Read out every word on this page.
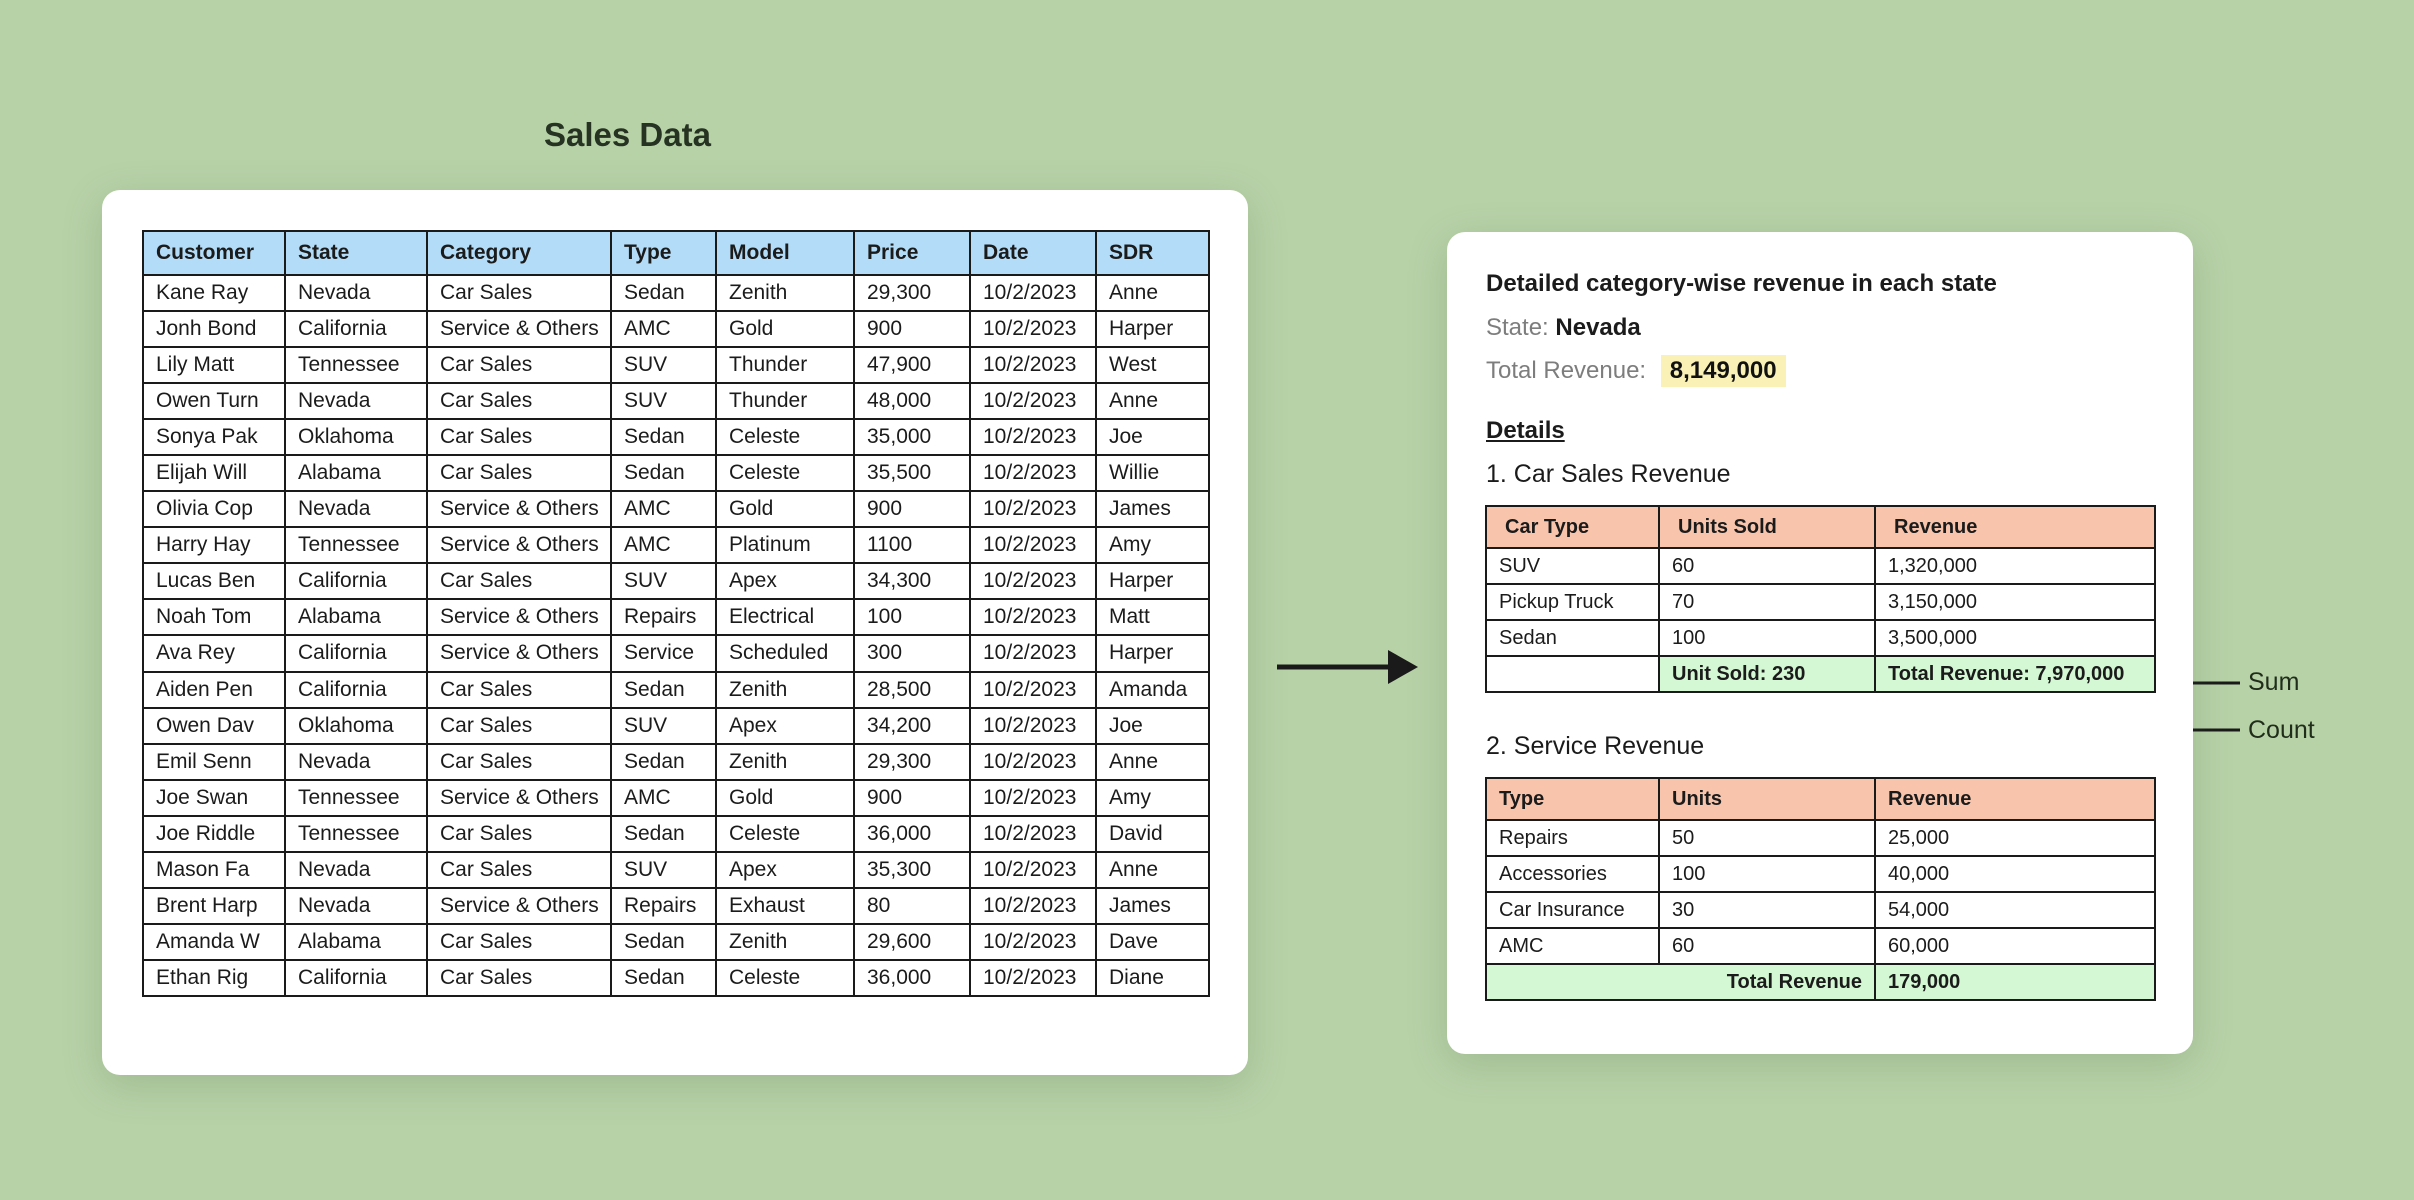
Sales Data
Customer	State	Category	Type	Model	Price	Date	SDR
Kane Ray	Nevada	Car Sales	Sedan	Zenith	29,300	10/2/2023	Anne
Jonh Bond	California	Service & Others	AMC	Gold	900	10/2/2023	Harper
Lily Matt	Tennessee	Car Sales	SUV	Thunder	47,900	10/2/2023	West
Owen Turn	Nevada	Car Sales	SUV	Thunder	48,000	10/2/2023	Anne
Sonya Pak	Oklahoma	Car Sales	Sedan	Celeste	35,000	10/2/2023	Joe
Elijah Will	Alabama	Car Sales	Sedan	Celeste	35,500	10/2/2023	Willie
Olivia Cop	Nevada	Service & Others	AMC	Gold	900	10/2/2023	James
Harry Hay	Tennessee	Service & Others	AMC	Platinum	1100	10/2/2023	Amy
Lucas Ben	California	Car Sales	SUV	Apex	34,300	10/2/2023	Harper
Noah Tom	Alabama	Service & Others	Repairs	Electrical	100	10/2/2023	Matt
Ava Rey	California	Service & Others	Service	Scheduled	300	10/2/2023	Harper
Aiden Pen	California	Car Sales	Sedan	Zenith	28,500	10/2/2023	Amanda
Owen Dav	Oklahoma	Car Sales	SUV	Apex	34,200	10/2/2023	Joe
Emil Senn	Nevada	Car Sales	Sedan	Zenith	29,300	10/2/2023	Anne
Joe Swan	Tennessee	Service & Others	AMC	Gold	900	10/2/2023	Amy
Joe Riddle	Tennessee	Car Sales	Sedan	Celeste	36,000	10/2/2023	David
Mason Fa	Nevada	Car Sales	SUV	Apex	35,300	10/2/2023	Anne
Brent Harp	Nevada	Service & Others	Repairs	Exhaust	80	10/2/2023	James
Amanda W	Alabama	Car Sales	Sedan	Zenith	29,600	10/2/2023	Dave
Ethan Rig	California	Car Sales	Sedan	Celeste	36,000	10/2/2023	Diane
Sum
Count
Detailed category-wise revenue in each state
State: Nevada
Total Revenue: 8,149,000
Details
1. Car Sales Revenue
Car Type	Units Sold	Revenue
SUV	60	1,320,000
Pickup Truck	70	3,150,000
Sedan	100	3,500,000
	Unit Sold: 230	Total Revenue: 7,970,000
2. Service Revenue
Type	Units	Revenue
Repairs	50	25,000
Accessories	100	40,000
Car Insurance	30	54,000
AMC	60	60,000
Total Revenue		179,000
